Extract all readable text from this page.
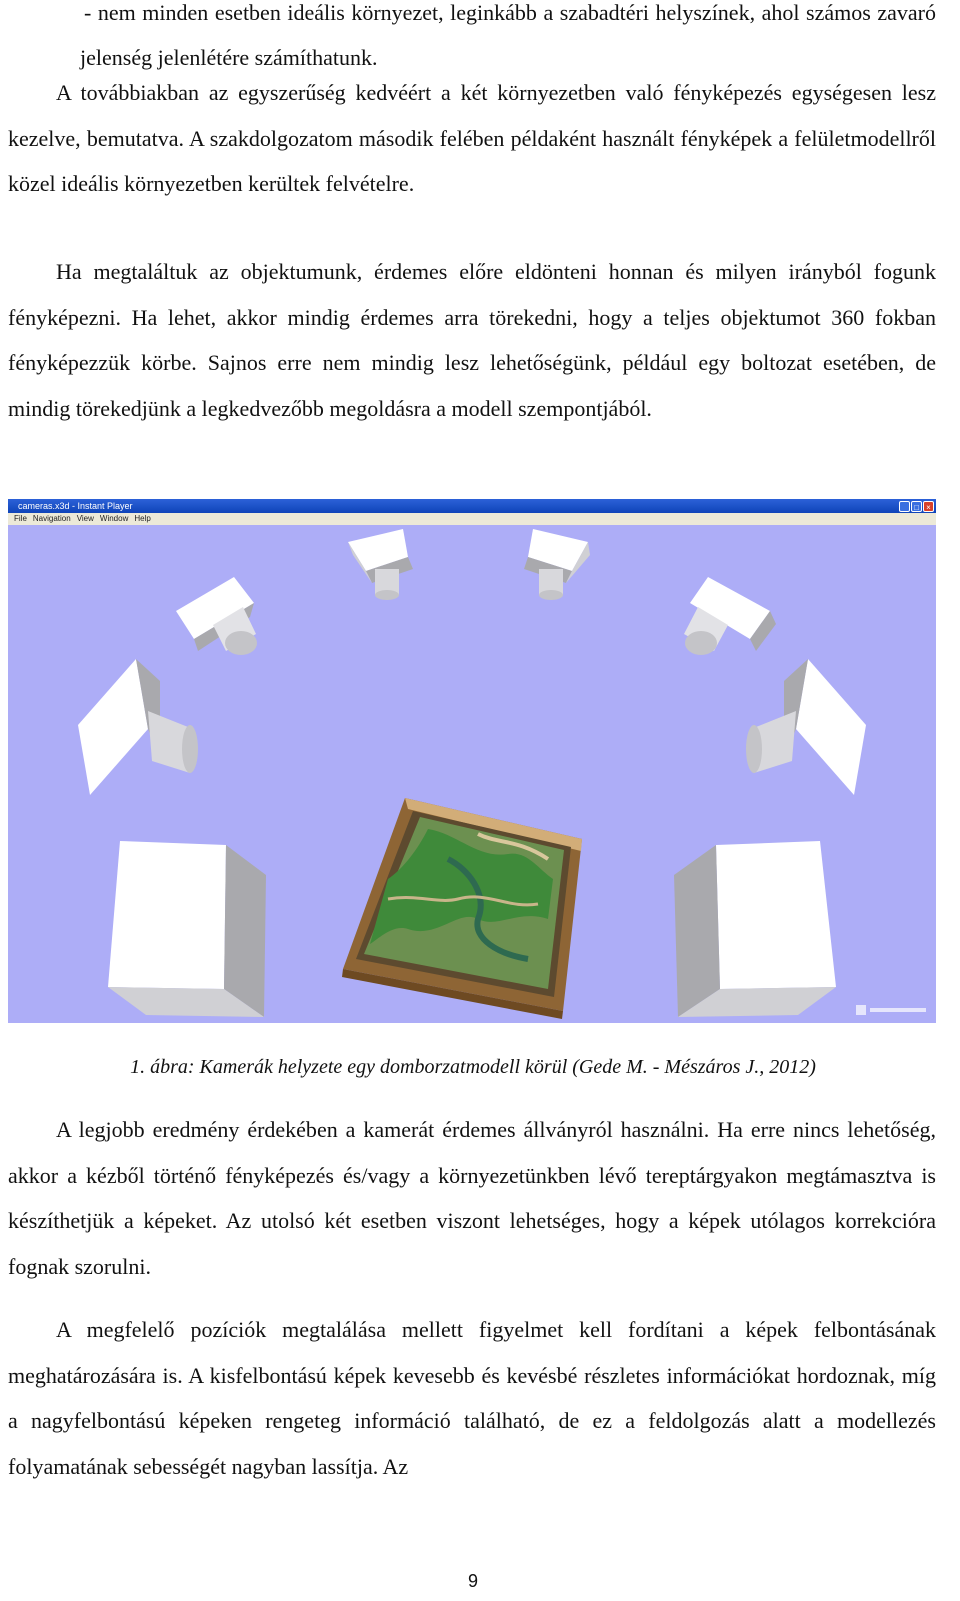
- nem minden esetben ideális környezet, leginkább a szabadtéri helyszínek, ahol számos zavaró jelenség jelenlétére számíthatunk.

A továbbiakban az egyszerűség kedvéért a két környezetben való fényképezés egységesen lesz kezelve, bemutatva. A szakdolgozatom második felében példaként használt fényképek a felületmodellről közel ideális környezetben kerültek felvételre.

Ha megtaláltuk az objektumunk, érdemes előre eldönteni honnan és milyen irányból fogunk fényképezni. Ha lehet, akkor mindig érdemes arra törekedni, hogy a teljes objektumot 360 fokban fényképezzük körbe. Sajnos erre nem mindig lesz lehetőségünk, például egy boltozat esetében, de mindig törekedjünk a legkedvezőbb megoldásra a modell szempontjából.

cameras.x3d - Instant Player	_ □ ×
File Navigation View Window Help

1. ábra: Kamerák helyzete egy domborzatmodell körül (Gede M. - Mészáros J., 2012)

A legjobb eredmény érdekében a kamerát érdemes állványról használni. Ha erre nincs lehetőség, akkor a kézből történő fényképezés és/vagy a környezetünkben lévő tereptárgyakon megtámasztva is készíthetjük a képeket. Az utolsó két esetben viszont lehetséges, hogy a képek utólagos korrekcióra fognak szorulni.

A megfelelő pozíciók megtalálása mellett figyelmet kell fordítani a képek felbontásának meghatározására is. A kisfelbontású képek kevesebb és kevésbé részletes információkat hordoznak, míg a nagyfelbontású képeken rengeteg információ található, de ez a feldolgozás alatt a modellezés folyamatának sebességét nagyban lassítja. Az

9
